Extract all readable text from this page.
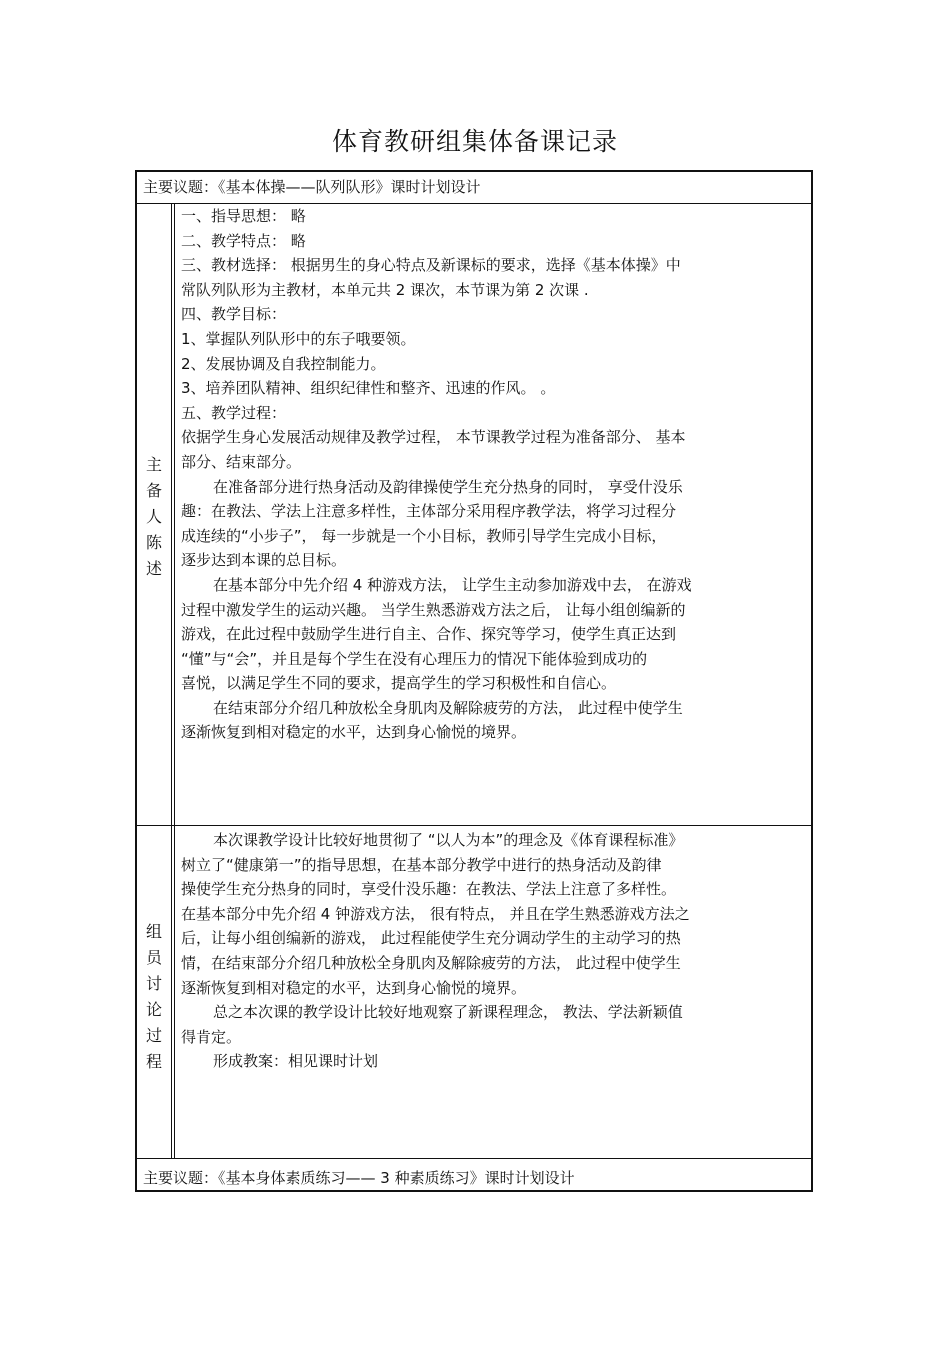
体育教研组集体备课记录
主要议题：《基本体操——队列队形》课时计划设计
主
备
人
陈
述

一、指导思想： 略

二、教学特点： 略

三、教材选择： 根据男生的身心特点及新课标的要求，选择《基本体操》中

常队列队形为主教材，本单元共 2 课次，本节课为第 2 次课 .

四、教学目标：

1、掌握队列队形中的东子哦要领。

2、发展协调及自我控制能力。

3、培养团队精神、组织纪律性和整齐、迅速的作风。 。

五、教学过程：

依据学生身心发展活动规律及教学过程， 本节课教学过程为准备部分、 基本

部分、结束部分。

在准备部分进行热身活动及韵律操使学生充分热身的同时， 享受什没乐

趣：在教法、学法上注意多样性，主体部分采用程序教学法，将学习过程分

成连续的“小步子”， 每一步就是一个小目标，教师引导学生完成小目标，

逐步达到本课的总目标。

在基本部分中先介绍 4 种游戏方法， 让学生主动参加游戏中去， 在游戏

过程中激发学生的运动兴趣。 当学生熟悉游戏方法之后， 让每小组创编新的

游戏，在此过程中鼓励学生进行自主、合作、探究等学习，使学生真正达到

“懂”与“会”，并且是每个学生在没有心理压力的情况下能体验到成功的

喜悦，以满足学生不同的要求，提高学生的学习积极性和自信心。

在结束部分介绍几种放松全身肌肉及解除疲劳的方法， 此过程中使学生

逐渐恢复到相对稳定的水平，达到身心愉悦的境界。

组
员
讨
论
过
程

本次课教学设计比较好地贯彻了 “以人为本”的理念及《体育课程标准》

树立了“健康第一”的指导思想，在基本部分教学中进行的热身活动及韵律

操使学生充分热身的同时，享受什没乐趣：在教法、学法上注意了多样性。

在基本部分中先介绍 4 钟游戏方法， 很有特点， 并且在学生熟悉游戏方法之

后，让每小组创编新的游戏， 此过程能使学生充分调动学生的主动学习的热

情，在结束部分介绍几种放松全身肌肉及解除疲劳的方法， 此过程中使学生

逐渐恢复到相对稳定的水平，达到身心愉悦的境界。

总之本次课的教学设计比较好地观察了新课程理念， 教法、学法新颖值

得肯定。

形成教案：相见课时计划

主要议题：《基本身体素质练习—— 3 种素质练习》课时计划设计
